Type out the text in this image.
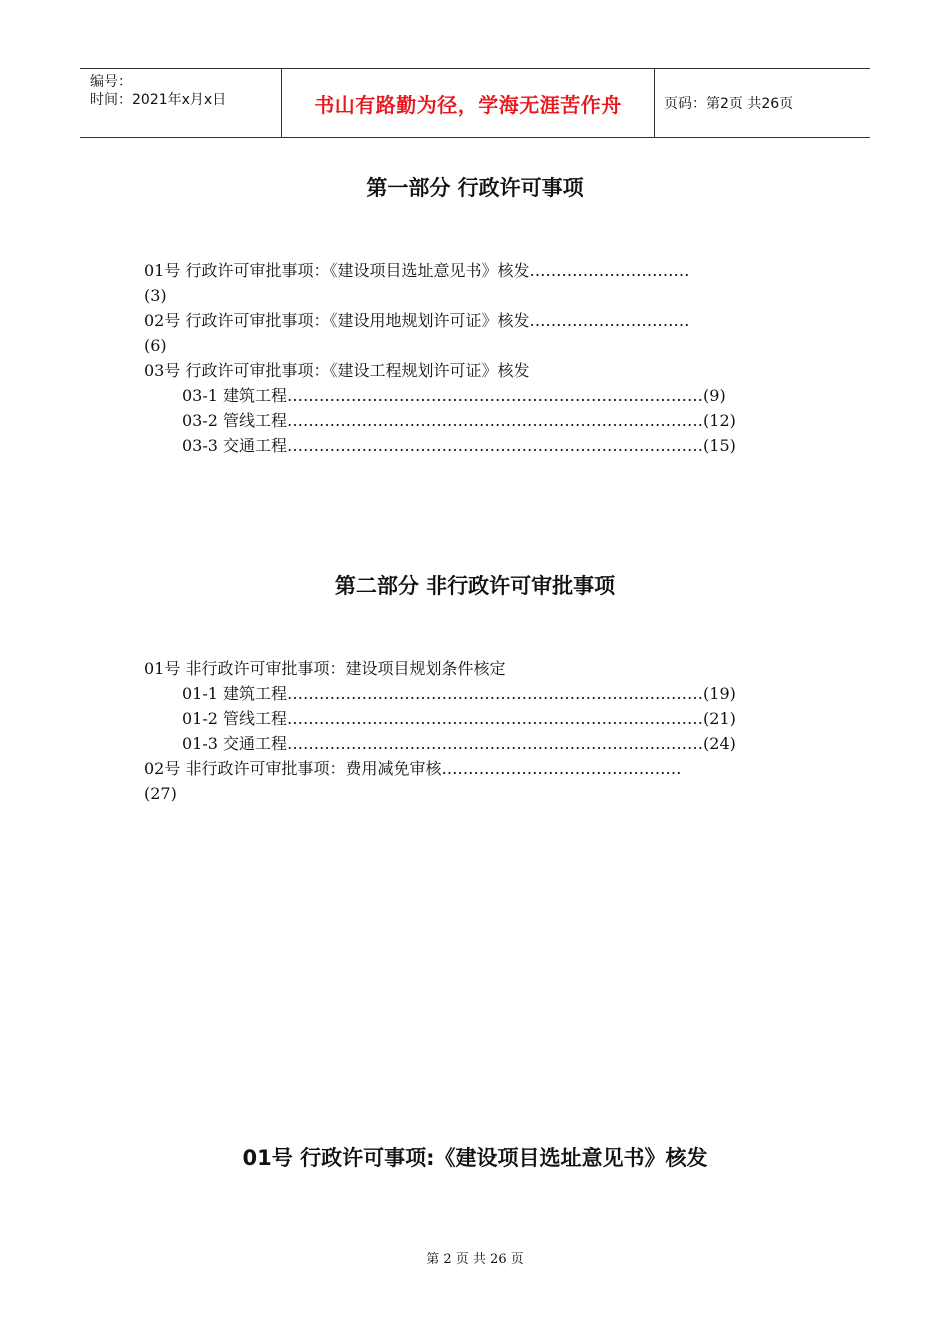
编号：
时间：2021年x月x日	书山有路勤为径，学海无涯苦作舟	页码：第2页 共26页
第一部分 行政许可事项
01号 行政许可审批事项：《建设项目选址意见书》核发…………………………
(3)
02号 行政许可审批事项：《建设用地规划许可证》核发…………………………
(6)
03号 行政许可审批事项：《建设工程规划许可证》核发
03-1 建筑工程……………………………………………………………………(9)
03-2 管线工程……………………………………………………………………(12)
03-3 交通工程……………………………………………………………………(15)
第二部分 非行政许可审批事项
01号 非行政许可审批事项：建设项目规划条件核定
01-1 建筑工程……………………………………………………………………(19)
01-2 管线工程……………………………………………………………………(21)
01-3 交通工程……………………………………………………………………(24)
02号 非行政许可审批事项：费用减免审核………………………………………
(27)
01号 行政许可事项:《建设项目选址意见书》核发
第 2 页 共 26 页
